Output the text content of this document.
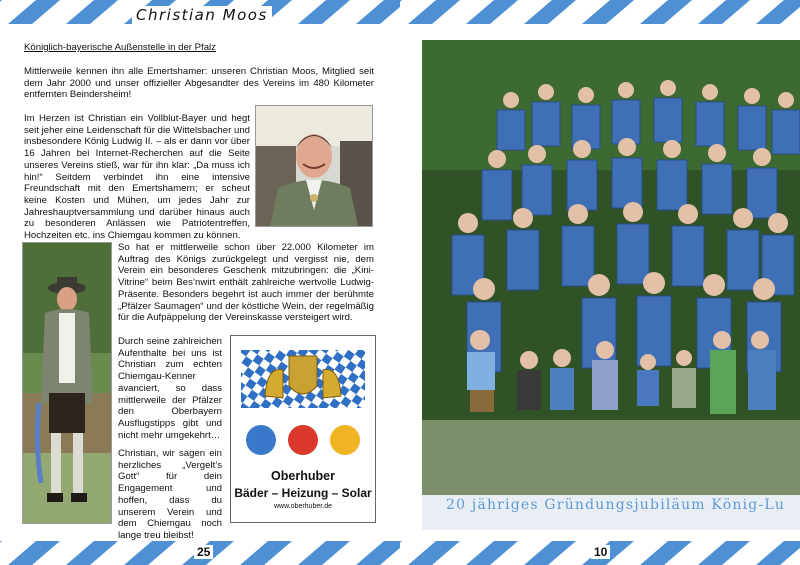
Christian Moos
Königlich-bayerische Außenstelle in der Pfalz
Mittlerweile kennen ihn alle Emertshamer: unseren Christian Moos, Mitglied seit dem Jahr 2000 und unser offizieller Abgesandter des Vereins im 480 Kilometer entfernten Beindersheim!
Im Herzen ist Christian ein Vollblut-Bayer und hegt seit jeher eine Leidenschaft für die Wittelsbacher und insbesondere König Ludwig II. – als er dann vor über 16 Jahren bei Internet-Recherchen auf die Seite unseres Vereins stieß, war für ihn klar: „Da muss ich hin!“ Seitdem verbindet ihn eine intensive Freundschaft mit den Emertshamern; er scheut keine Kosten und Mühen, um jedes Jahr zur Jahreshauptversammlung und darüber hinaus auch zu besonderen Anlässen wie Patriotentreffen, Hochzeiten etc. ins Chiemgau kommen zu können.
So hat er mittlerweile schon über 22.000 Kilometer im Auftrag des Königs zurückgelegt und vergisst nie, dem Verein ein besonderes Geschenk mitzubringen: die „Kini-Vitrine“ beim Bes’nwirt enthält zahlreiche wertvolle Ludwig-Präsente. Besonders begehrt ist auch immer der berühmte „Pfälzer Saumagen“ und der köstliche Wein, der regelmäßig für die Aufpäppelung der Vereinskasse versteigert wird.
Durch seine zahlreichen Aufenthalte bei uns ist Christian zum echten Chiemgau-Kenner avanciert, so dass mittlerweile der Pfälzer den Oberbayern Ausflugstipps gibt und nicht mehr umgekehrt…
Christian, wir sagen ein herzliches „Vergelt’s Gott“ für dein Engagement und hoffen, dass du unserem Verein und dem Chiemgau noch lange treu bleibst!
Oberhuber
Bäder – Heizung – Solar
www.oberhuber.de
25
20 jähriges Gründungsjubiläum König-Lu
10
